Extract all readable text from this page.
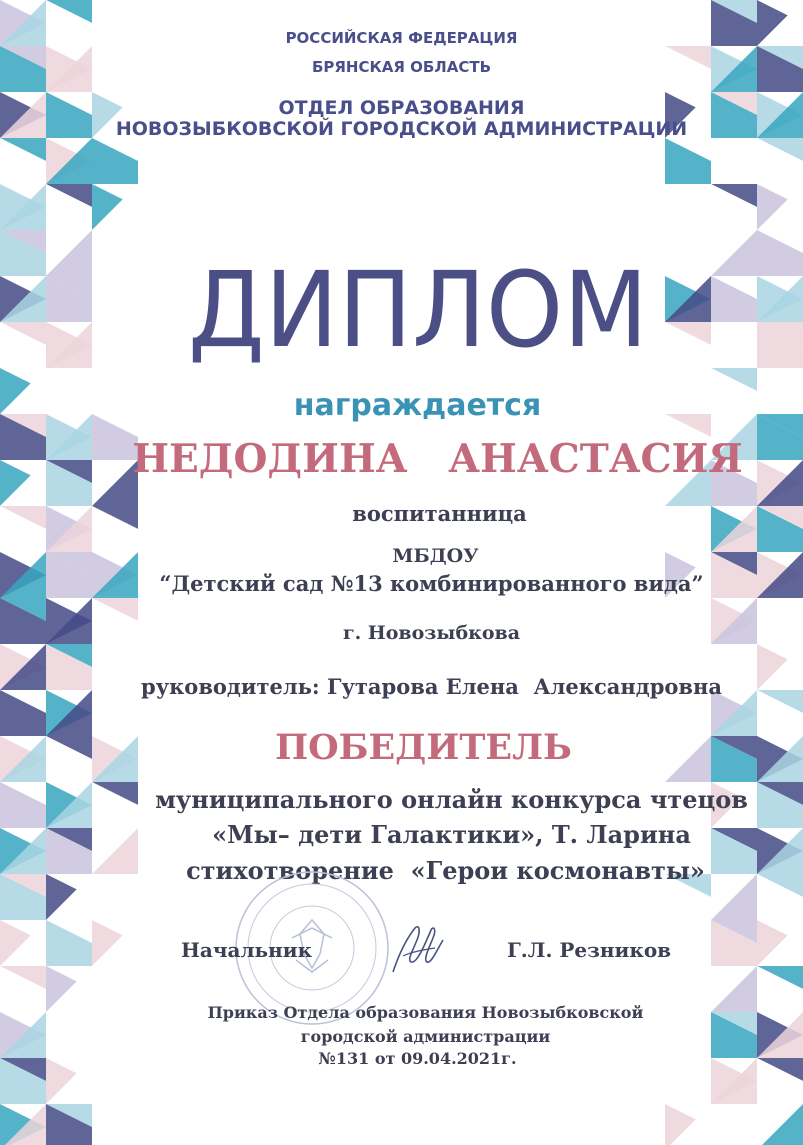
РОССИЙСКАЯ ФЕДЕРАЦИЯ
БРЯНСКАЯ ОБЛАСТЬ
ОТДЕЛ ОБРАЗОВАНИЯ
НОВОЗЫБКОВСКОЙ ГОРОДСКОЙ АДМИНИСТРАЦИИ
ДИПЛОМ
награждается
НЕДОДИНА   АНАСТАСИЯ
воспитанница
МБДОУ
“Детский сад №13 комбинированного вида”
г. Новозыбкова
руководитель: Гутарова Елена  Александровна
ПОБЕДИТЕЛЬ
муниципального онлайн конкурса чтецов
«Мы– дети Галактики», Т. Ларина
стихотворение  «Герои космонавты»
Начальник	Г.Л. Резников
Приказ Отдела образования Новозыбковской
городской администрации
№131 от 09.04.2021г.
